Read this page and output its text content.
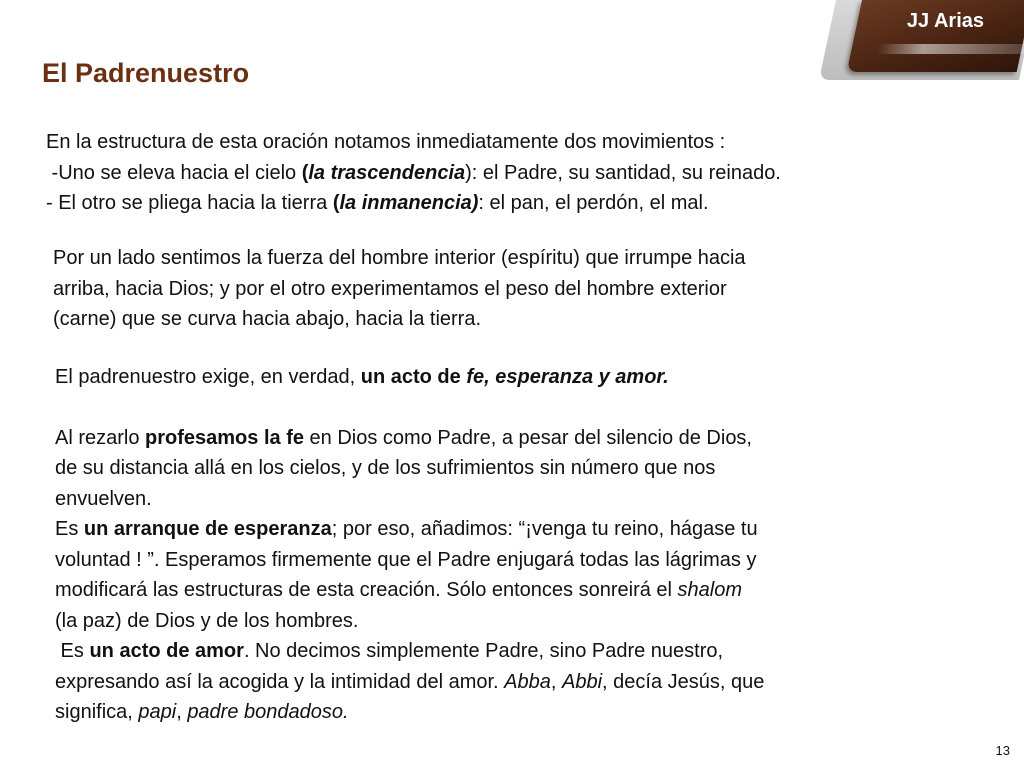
JJ Arias
El Padrenuestro

En la estructura de esta oración notamos inmediatamente dos movimientos :

-Uno se eleva hacia el cielo (la trascendencia): el Padre, su santidad, su reinado.

- El otro se pliega hacia la tierra (la inmanencia): el pan, el perdón, el mal.

Por un lado sentimos la fuerza del hombre interior (espíritu) que irrumpe hacia

arriba, hacia Dios; y por el otro experimentamos el peso del hombre exterior

(carne) que se curva hacia abajo, hacia la tierra.

El padrenuestro exige, en verdad, un acto de fe, esperanza y amor.

Al rezarlo profesamos la fe en Dios como Padre, a pesar del silencio de Dios,

de su distancia allá en los cielos, y de los sufrimientos sin número que nos

envuelven.

Es un arranque de esperanza; por eso, añadimos: “¡venga tu reino, hágase tu

voluntad ! ”. Esperamos firmemente que el Padre enjugará todas las lágrimas y

modificará las estructuras de esta creación. Sólo entonces sonreirá el shalom

(la paz) de Dios y de los hombres.

Es un acto de amor. No decimos simplemente Padre, sino Padre nuestro,

expresando así la acogida y la intimidad del amor. Abba, Abbi, decía Jesús, que

significa, papi, padre bondadoso.

13
